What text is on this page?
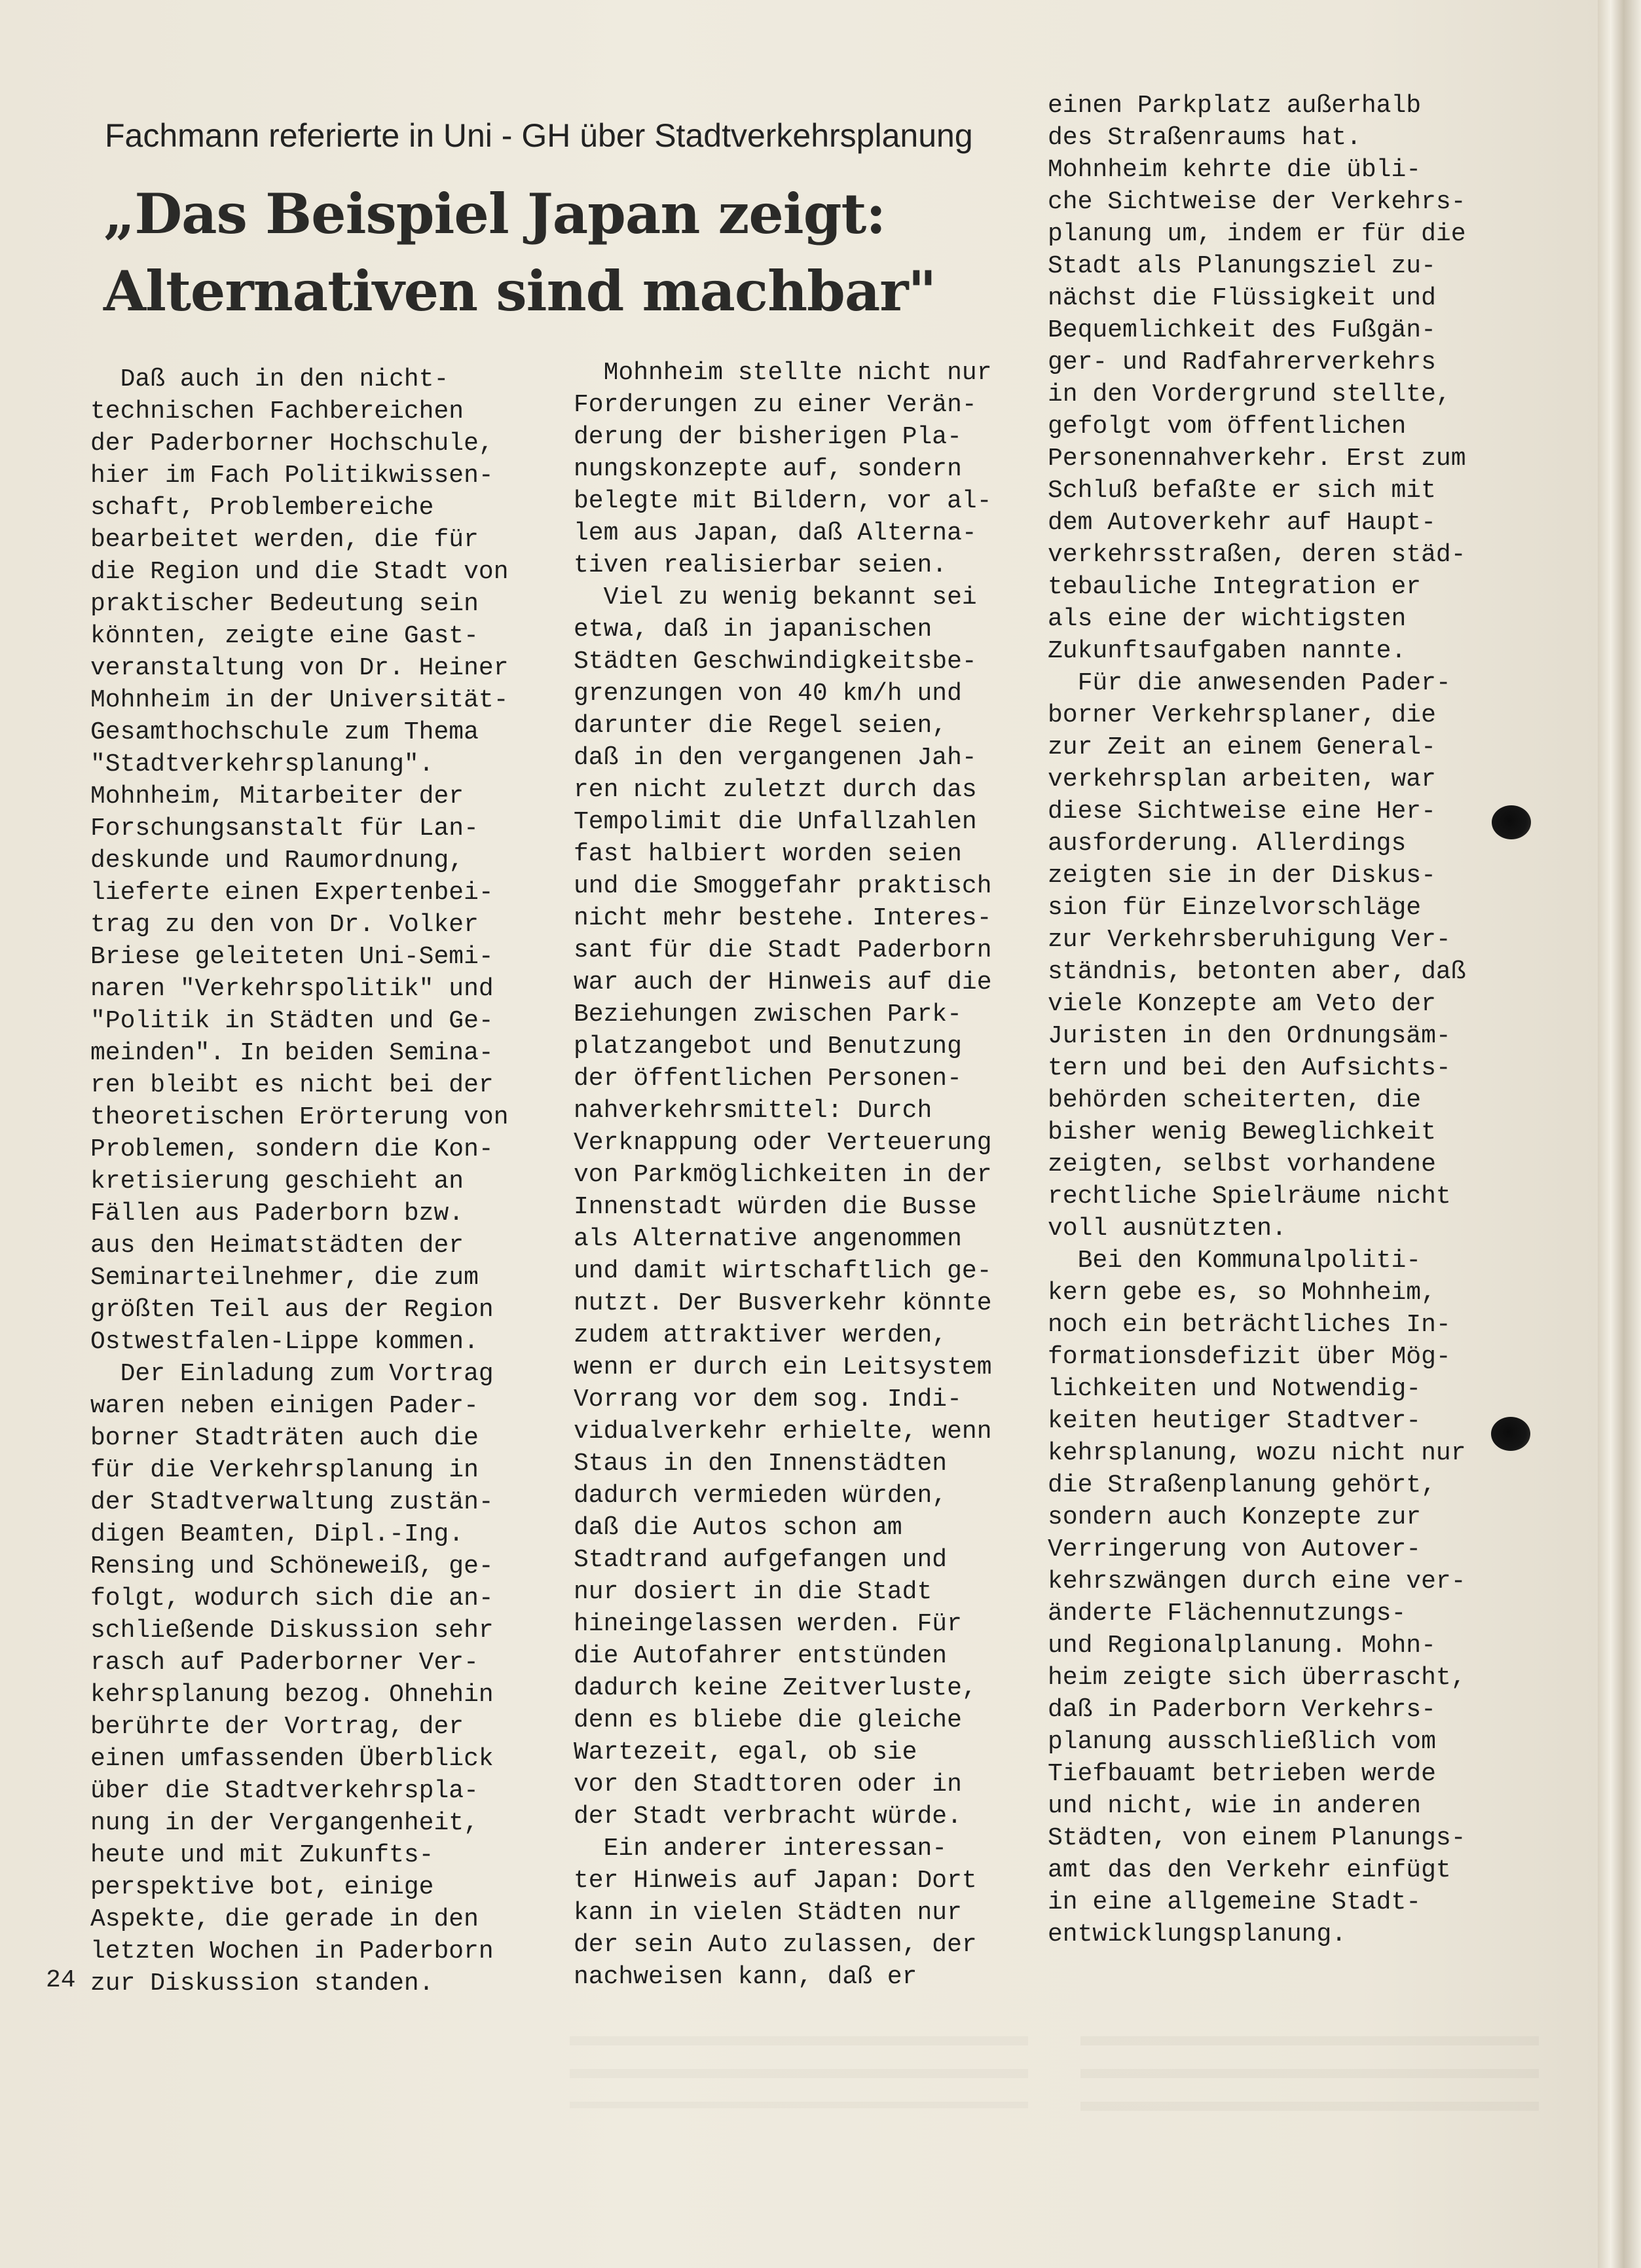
Fachmann referierte in Uni - GH über Stadtverkehrsplanung
„Das Beispiel Japan zeigt:
Alternativen sind machbar"
Daß auch in den nicht-
technischen Fachbereichen
der Paderborner Hochschule,
hier im Fach Politikwissen-
schaft, Problembereiche
bearbeitet werden, die für
die Region und die Stadt von
praktischer Bedeutung sein
könnten, zeigte eine Gast-
veranstaltung von Dr. Heiner
Mohnheim in der Universität-
Gesamthochschule zum Thema
"Stadtverkehrsplanung".
Mohnheim, Mitarbeiter der
Forschungsanstalt für Lan-
deskunde und Raumordnung,
lieferte einen Expertenbei-
trag zu den von Dr. Volker
Briese geleiteten Uni-Semi-
naren "Verkehrspolitik" und
"Politik in Städten und Ge-
meinden". In beiden Semina-
ren bleibt es nicht bei der
theoretischen Erörterung von
Problemen, sondern die Kon-
kretisierung geschieht an
Fällen aus Paderborn bzw.
aus den Heimatstädten der
Seminarteilnehmer, die zum
größten Teil aus der Region
Ostwestfalen-Lippe kommen.
Der Einladung zum Vortrag
waren neben einigen Pader-
borner Stadträten auch die
für die Verkehrsplanung in
der Stadtverwaltung zustän-
digen Beamten, Dipl.-Ing.
Rensing und Schöneweiß, ge-
folgt, wodurch sich die an-
schließende Diskussion sehr
rasch auf Paderborner Ver-
kehrsplanung bezog. Ohnehin
berührte der Vortrag, der
einen umfassenden Überblick
über die Stadtverkehrspla-
nung in der Vergangenheit,
heute und mit Zukunfts-
perspektive bot, einige
Aspekte, die gerade in den
letzten Wochen in Paderborn
zur Diskussion standen.
Mohnheim stellte nicht nur
Forderungen zu einer Verän-
derung der bisherigen Pla-
nungskonzepte auf, sondern
belegte mit Bildern, vor al-
lem aus Japan, daß Alterna-
tiven realisierbar seien.
Viel zu wenig bekannt sei
etwa, daß in japanischen
Städten Geschwindigkeitsbe-
grenzungen von 40 km/h und
darunter die Regel seien,
daß in den vergangenen Jah-
ren nicht zuletzt durch das
Tempolimit die Unfallzahlen
fast halbiert worden seien
und die Smoggefahr praktisch
nicht mehr bestehe. Interes-
sant für die Stadt Paderborn
war auch der Hinweis auf die
Beziehungen zwischen Park-
platzangebot und Benutzung
der öffentlichen Personen-
nahverkehrsmittel: Durch
Verknappung oder Verteuerung
von Parkmöglichkeiten in der
Innenstadt würden die Busse
als Alternative angenommen
und damit wirtschaftlich ge-
nutzt. Der Busverkehr könnte
zudem attraktiver werden,
wenn er durch ein Leitsystem
Vorrang vor dem sog. Indi-
vidualverkehr erhielte, wenn
Staus in den Innenstädten
dadurch vermieden würden,
daß die Autos schon am
Stadtrand aufgefangen und
nur dosiert in die Stadt
hineingelassen werden. Für
die Autofahrer entstünden
dadurch keine Zeitverluste,
denn es bliebe die gleiche
Wartezeit, egal, ob sie
vor den Stadttoren oder in
der Stadt verbracht würde.
Ein anderer interessan-
ter Hinweis auf Japan: Dort
kann in vielen Städten nur
der sein Auto zulassen, der
nachweisen kann, daß er
einen Parkplatz außerhalb
des Straßenraums hat.
Mohnheim kehrte die übli-
che Sichtweise der Verkehrs-
planung um, indem er für die
Stadt als Planungsziel zu-
nächst die Flüssigkeit und
Bequemlichkeit des Fußgän-
ger- und Radfahrerverkehrs
in den Vordergrund stellte,
gefolgt vom öffentlichen
Personennahverkehr. Erst zum
Schluß befaßte er sich mit
dem Autoverkehr auf Haupt-
verkehrsstraßen, deren städ-
tebauliche Integration er
als eine der wichtigsten
Zukunftsaufgaben nannte.
Für die anwesenden Pader-
borner Verkehrsplaner, die
zur Zeit an einem General-
verkehrsplan arbeiten, war
diese Sichtweise eine Her-
ausforderung. Allerdings
zeigten sie in der Diskus-
sion für Einzelvorschläge
zur Verkehrsberuhigung Ver-
ständnis, betonten aber, daß
viele Konzepte am Veto der
Juristen in den Ordnungsäm-
tern und bei den Aufsichts-
behörden scheiterten, die
bisher wenig Beweglichkeit
zeigten, selbst vorhandene
rechtliche Spielräume nicht
voll ausnützten.
Bei den Kommunalpoliti-
kern gebe es, so Mohnheim,
noch ein beträchtliches In-
formationsdefizit über Mög-
lichkeiten und Notwendig-
keiten heutiger Stadtver-
kehrsplanung, wozu nicht nur
die Straßenplanung gehört,
sondern auch Konzepte zur
Verringerung von Autover-
kehrszwängen durch eine ver-
änderte Flächennutzungs-
und Regionalplanung. Mohn-
heim zeigte sich überrascht,
daß in Paderborn Verkehrs-
planung ausschließlich vom
Tiefbauamt betrieben werde
und nicht, wie in anderen
Städten, von einem Planungs-
amt das den Verkehr einfügt
in eine allgemeine Stadt-
entwicklungsplanung.
24
